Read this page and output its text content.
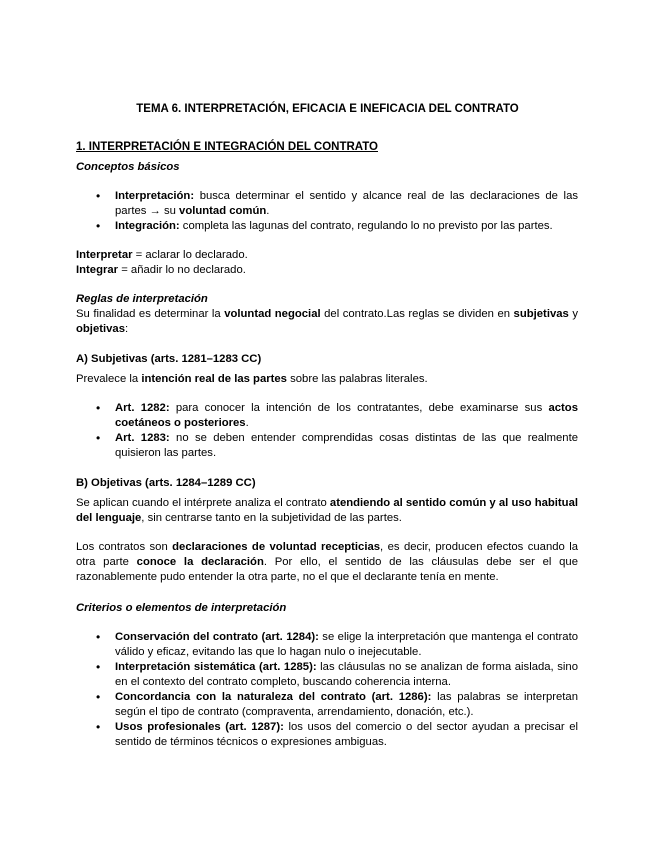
TEMA 6. INTERPRETACIÓN, EFICACIA E INEFICACIA DEL CONTRATO

1. INTERPRETACIÓN E INTEGRACIÓN DEL CONTRATO

Conceptos básicos

• Interpretación: busca determinar el sentido y alcance real de las declaraciones de las partes → su voluntad común.
• Integración: completa las lagunas del contrato, regulando lo no previsto por las partes.

Interpretar = aclarar lo declarado.

Integrar = añadir lo no declarado.

Reglas de interpretación

Su finalidad es determinar la voluntad negocial del contrato.Las reglas se dividen en subjetivas y objetivas:

A) Subjetivas (arts. 1281–1283 CC)

Prevalece la intención real de las partes sobre las palabras literales.

• Art. 1282: para conocer la intención de los contratantes, debe examinarse sus actos coetáneos o posteriores.
• Art. 1283: no se deben entender comprendidas cosas distintas de las que realmente quisieron las partes.

B) Objetivas (arts. 1284–1289 CC)

Se aplican cuando el intérprete analiza el contrato atendiendo al sentido común y al uso habitual del lenguaje, sin centrarse tanto en la subjetividad de las partes.

Los contratos son declaraciones de voluntad recepticias, es decir, producen efectos cuando la otra parte conoce la declaración. Por ello, el sentido de las cláusulas debe ser el que razonablemente pudo entender la otra parte, no el que el declarante tenía en mente.

Criterios o elementos de interpretación

• Conservación del contrato (art. 1284): se elige la interpretación que mantenga el contrato válido y eficaz, evitando las que lo hagan nulo o inejecutable.
• Interpretación sistemática (art. 1285): las cláusulas no se analizan de forma aislada, sino en el contexto del contrato completo, buscando coherencia interna.
• Concordancia con la naturaleza del contrato (art. 1286): las palabras se interpretan según el tipo de contrato (compraventa, arrendamiento, donación, etc.).
• Usos profesionales (art. 1287): los usos del comercio o del sector ayudan a precisar el sentido de términos técnicos o expresiones ambiguas.
